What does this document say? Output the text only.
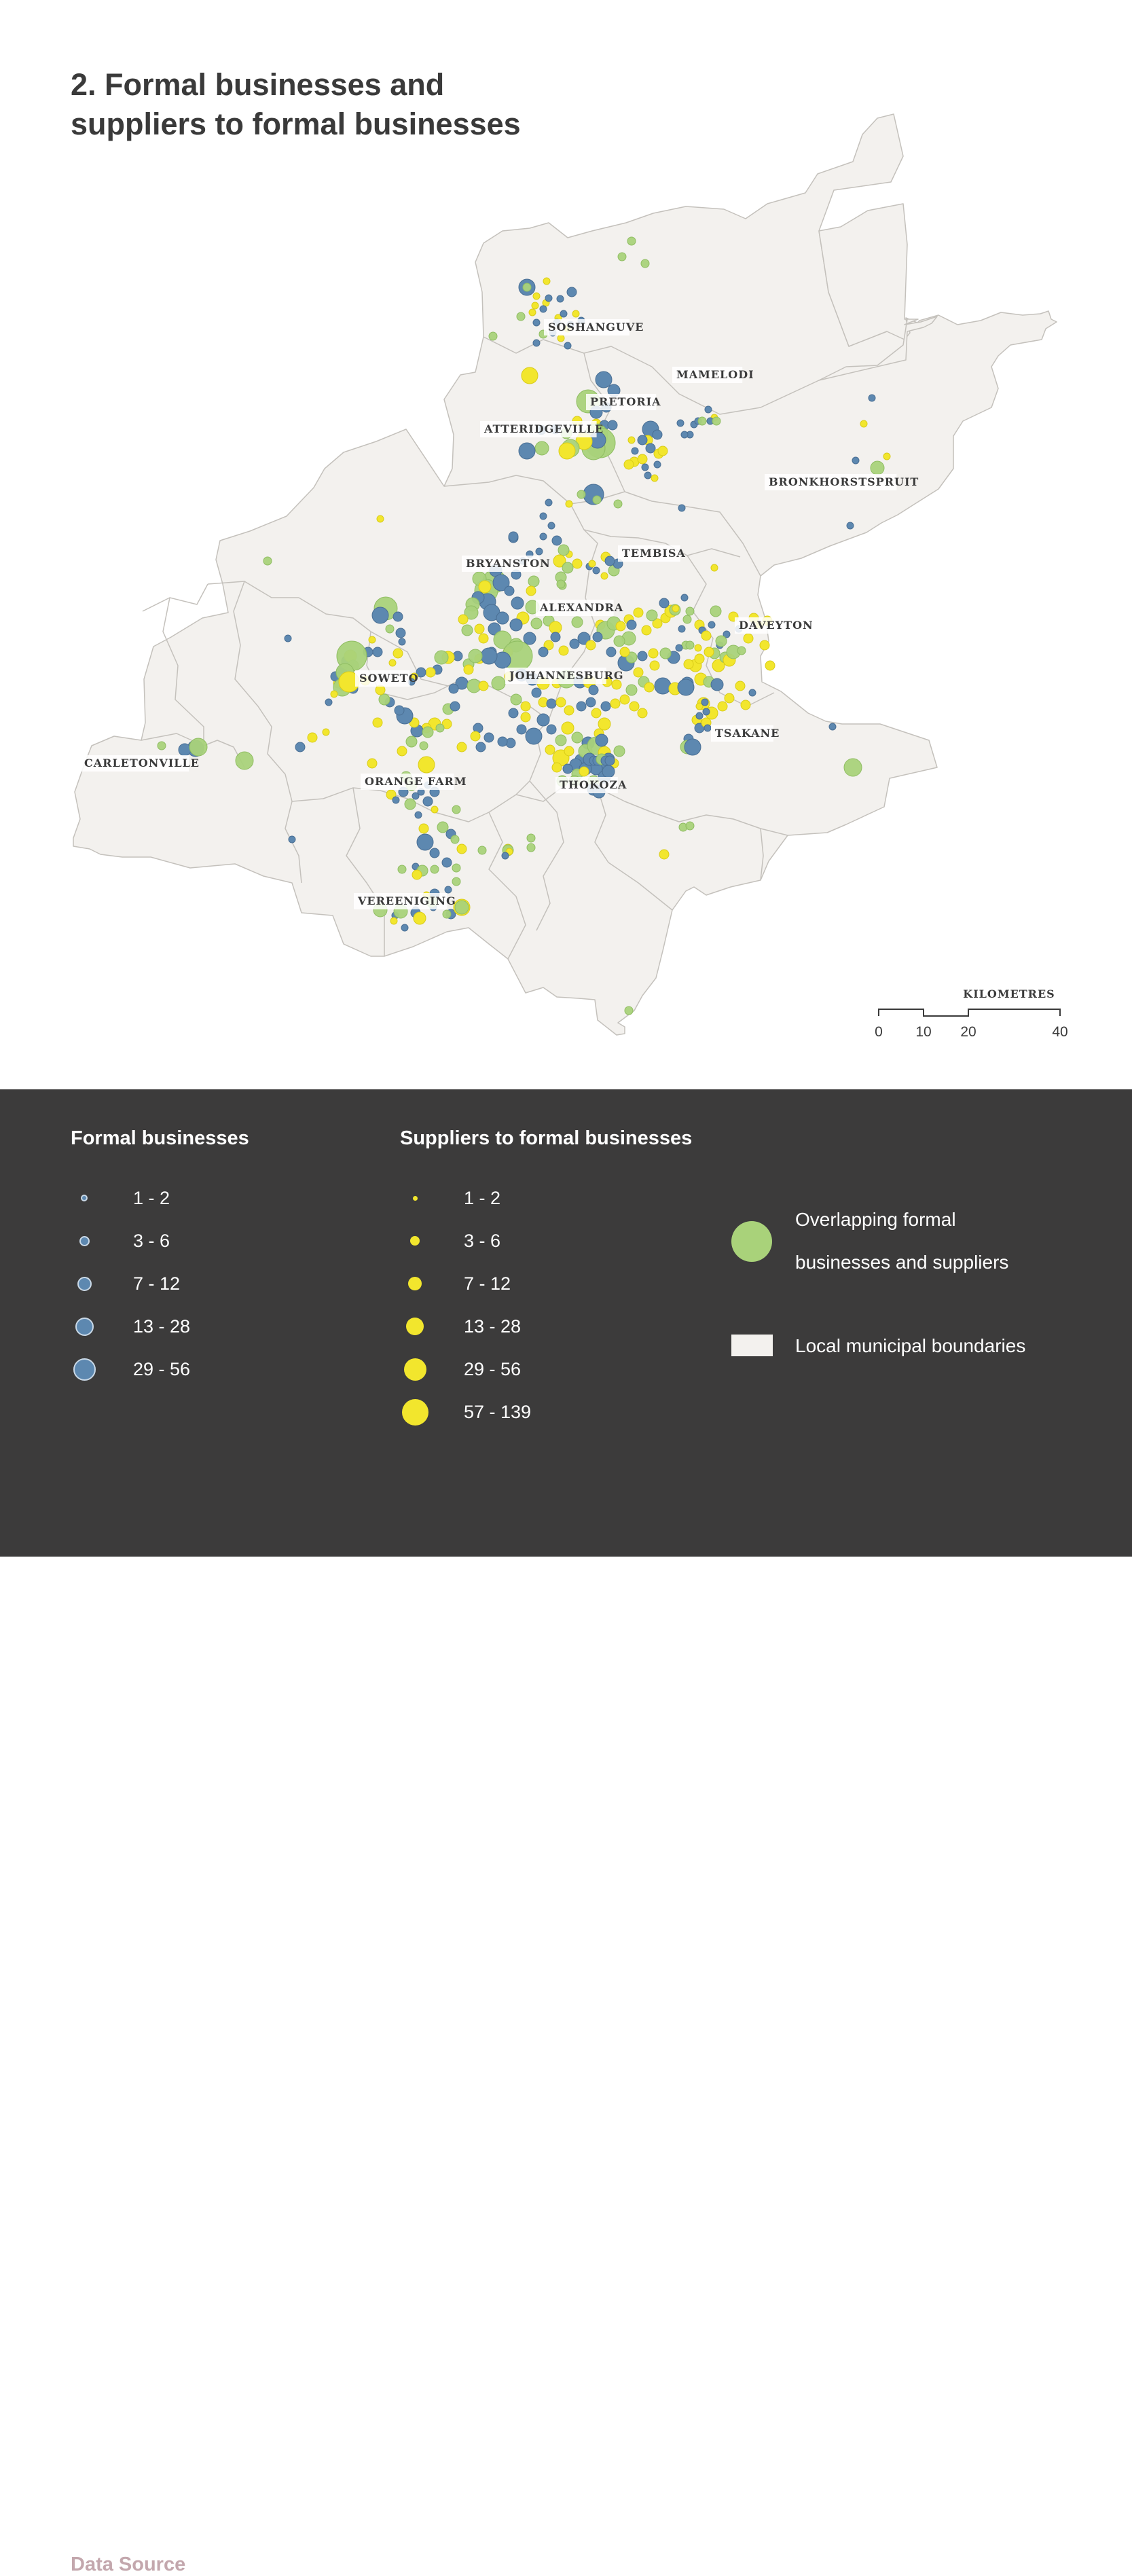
2. Formal businesses and
suppliers to formal businesses
SOSHANGUVE
MAMELODI
PRETORIA
ATTERIDGEVILLE
BRONKHORSTSPRUIT
TEMBISA
BRYANSTON
ALEXANDRA
DAVEYTON
SOWETO	JOHANNESBURG
TSAKANE
CARLETONVILLE
ORANGE FARM	THOKOZA
VEREENIGING
KILOMETRES
0 10 20	40
Formal businesses	Suppliers to formal businesses
1 - 2
3 - 6
7 - 12
13 - 28
29 - 56
1 - 2
3 - 6
7 - 12
13 - 28
29 - 56
57 - 139
Overlapping formal
businesses and suppliers
Local municipal boundaries
Data Source GCRO’s Quality of Life IV (2015) survey
